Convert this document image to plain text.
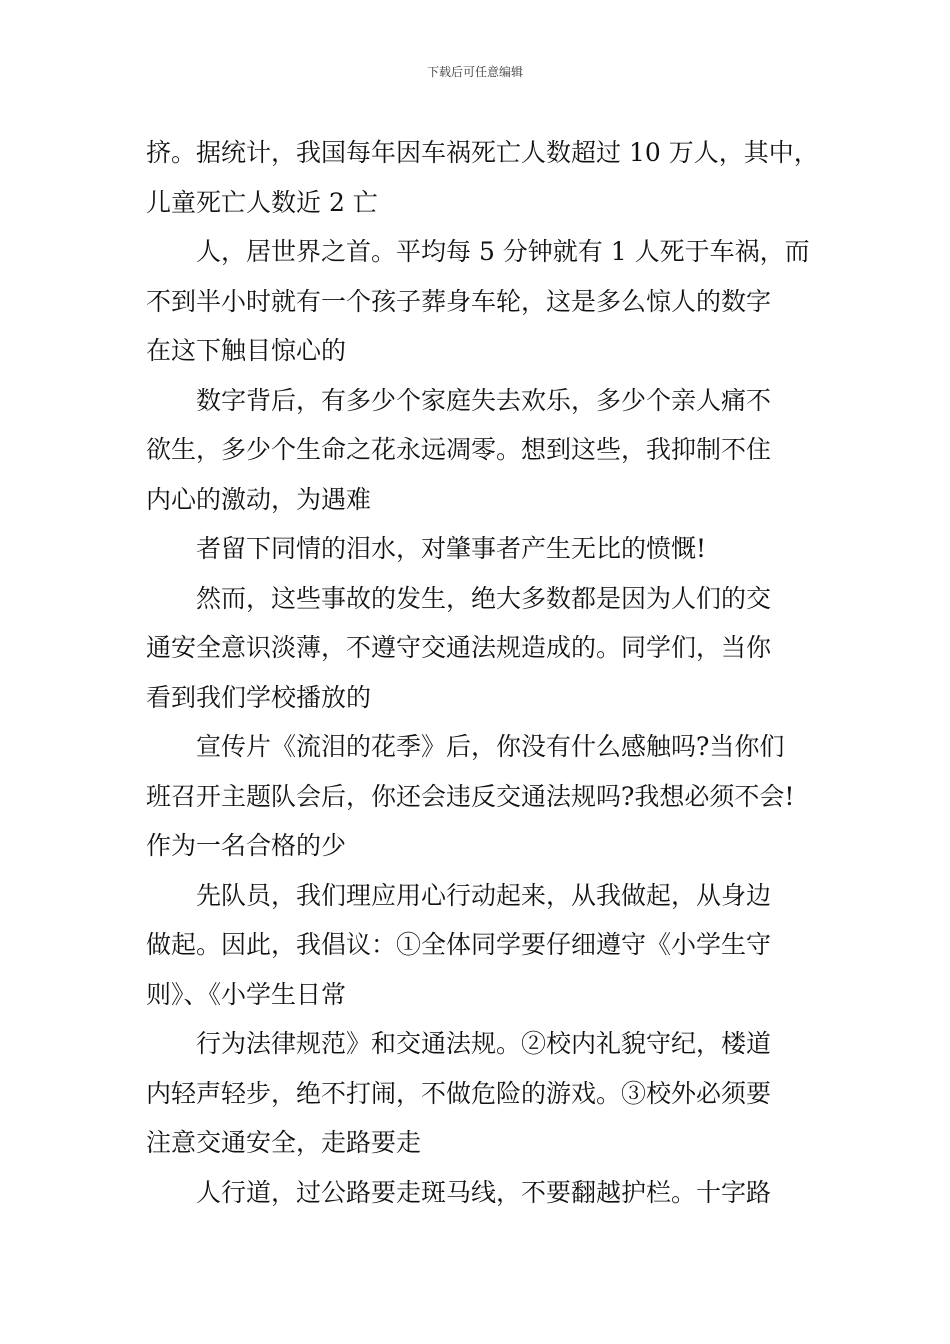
下载后可任意编辑
挤。据统计，我国每年因车祸死亡人数超过 10 万人，其中，
儿童死亡人数近 2 亡
人，居世界之首。平均每 5 分钟就有 1 人死于车祸，而
不到半小时就有一个孩子葬身车轮，这是多么惊人的数字
在这下触目惊心的
数字背后，有多少个家庭失去欢乐，多少个亲人痛不
欲生，多少个生命之花永远凋零。想到这些，我抑制不住
内心的激动，为遇难
者留下同情的泪水，对肇事者产生无比的愤慨!
然而，这些事故的发生，绝大多数都是因为人们的交
通安全意识淡薄，不遵守交通法规造成的。同学们，当你
看到我们学校播放的
宣传片《流泪的花季》后，你没有什么感触吗?当你们
班召开主题队会后，你还会违反交通法规吗?我想必须不会!
作为一名合格的少
先队员，我们理应用心行动起来，从我做起，从身边
做起。因此，我倡议：①全体同学要仔细遵守《小学生守
则》、《小学生日常
行为法律规范》和交通法规。②校内礼貌守纪，楼道
内轻声轻步，绝不打闹，不做危险的游戏。③校外必须要
注意交通安全，走路要走
人行道，过公路要走斑马线，不要翻越护栏。十字路
